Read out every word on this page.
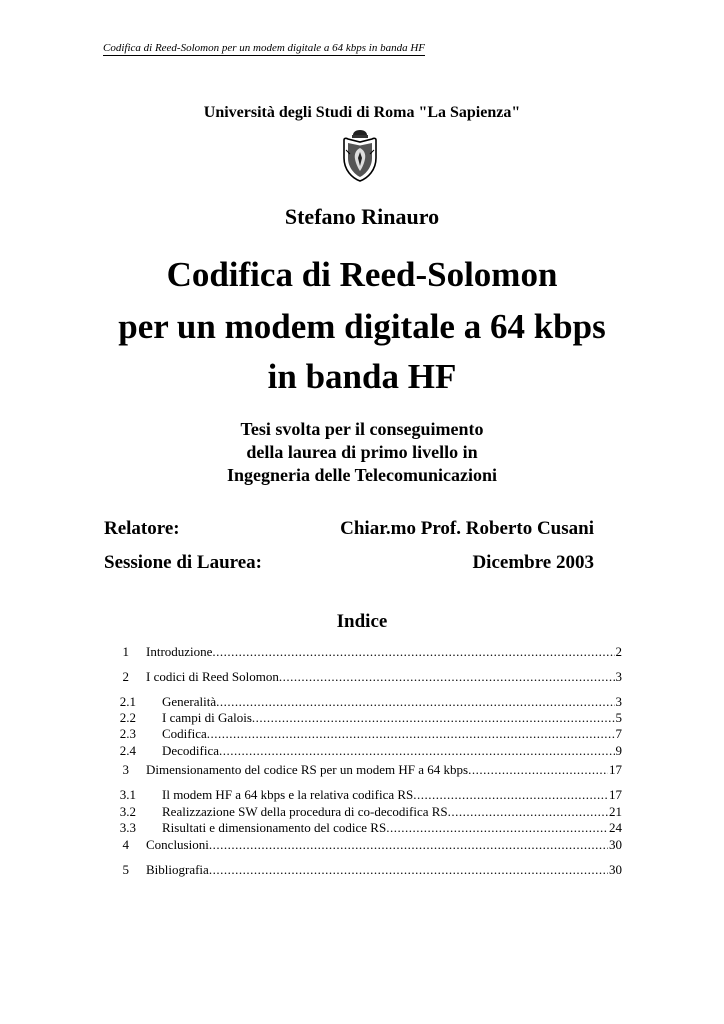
Codifica di Reed-Solomon per un modem digitale a 64 kbps in banda HF
Università degli Studi di Roma "La Sapienza"
Stefano Rinauro
Codifica di Reed-Solomon
per un modem digitale a 64 kbps
in banda HF
Tesi svolta per il conseguimento
della laurea di primo livello in
Ingegneria delle Telecomunicazioni
Relatore:	Chiar.mo Prof. Roberto Cusani
Sessione di Laurea:	Dicembre 2003
Indice
1 Introduzione .....	2
2 I codici di Reed Solomon .....	3
2.1 Generalità .....	3
2.2 I campi di Galois .....	5
2.3 Codifica .....	7
2.4 Decodifica .....	9
3 Dimensionamento del codice RS per un modem HF a 64 kbps .....	17
3.1 Il modem HF a 64 kbps e la relativa codifica RS .....	17
3.2 Realizzazione SW della procedura di co-decodifica RS .....	21
3.3 Risultati e dimensionamento del codice RS .....	24
4 Conclusioni .....	30
5 Bibliografia .....	30
